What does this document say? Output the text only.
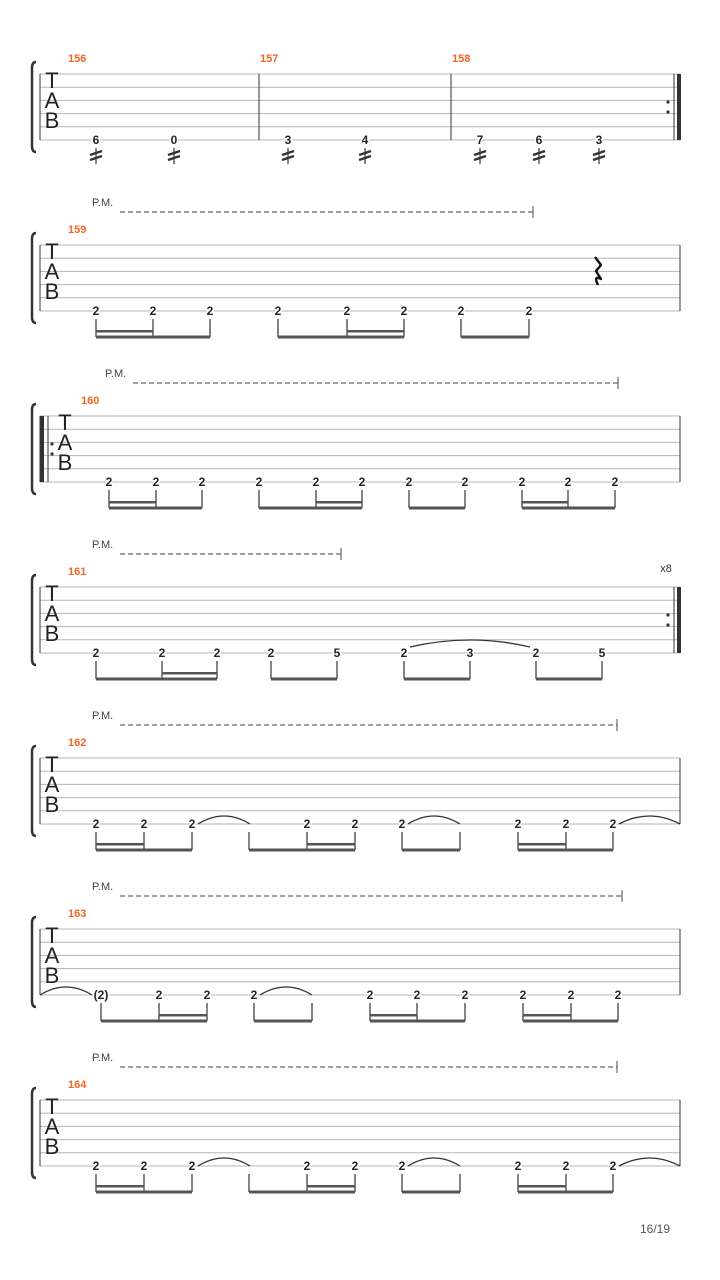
T
A
B
156	157	158
6	0	3	4	7	6	3
T
A
B
159
P.M.
2	2	2	2	2	2	2	2
T
A
B
160
P.M.
2	2	2	2	2	2	2	2	2	2	2
T
A
B
x8
161
P.M.
2	2	2	2	5	2	3	2	5
T
A
B
162
P.M.
2	2	2	2	2	2	2	2	2
T
A
B
163
P.M.
(2)	2	2	2	2	2	2	2	2	2
T
A
B
164
P.M.
2	2	2	2	2	2	2	2	2
16/19
